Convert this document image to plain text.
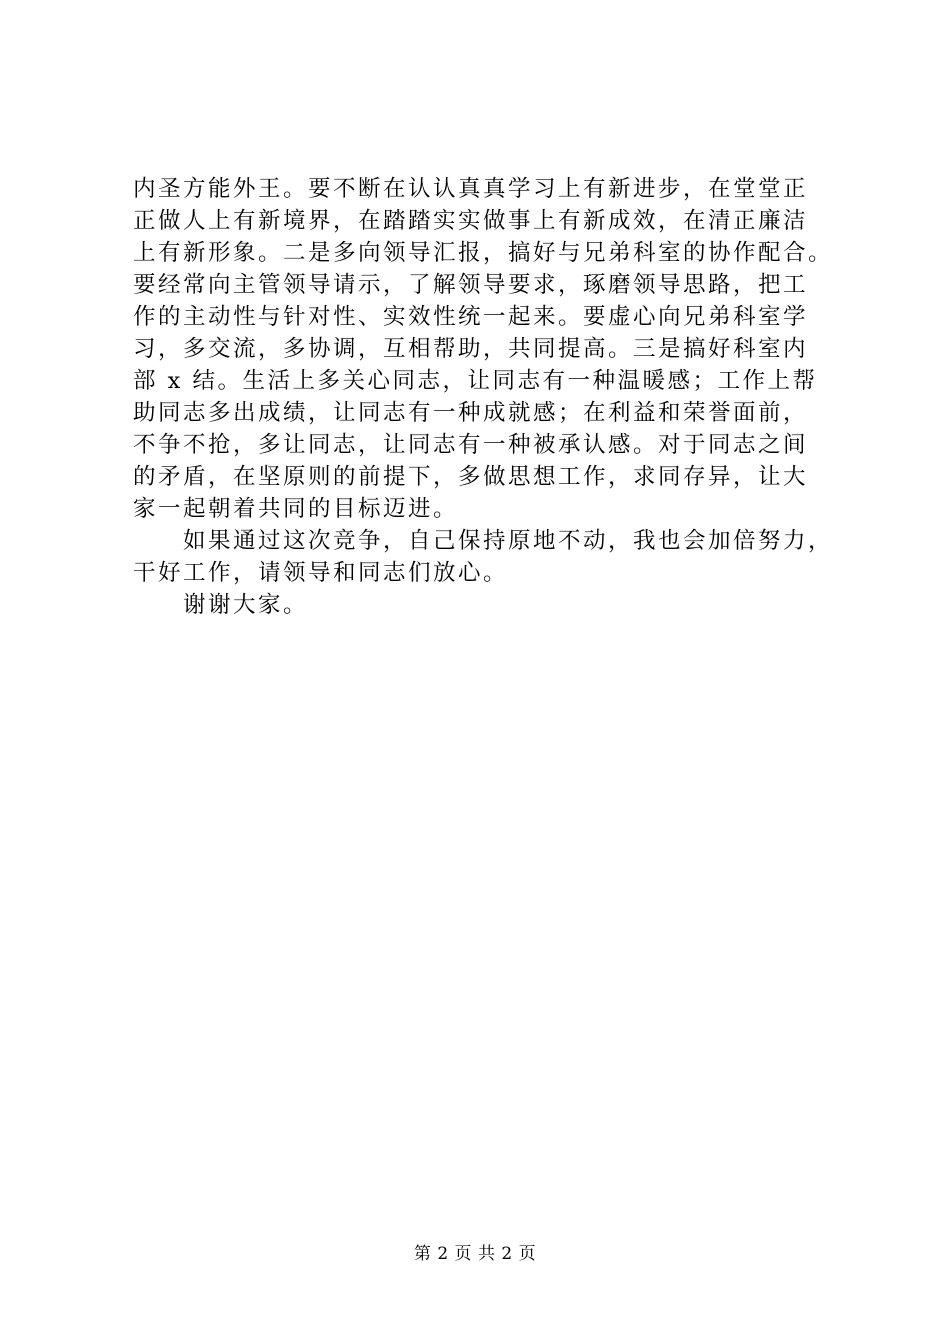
内圣方能外王。要不断在认认真真学习上有新进步，在堂堂正
正做人上有新境界，在踏踏实实做事上有新成效，在清正廉洁
上有新形象。二是多向领导汇报，搞好与兄弟科室的协作配合。
要经常向主管领导请示，了解领导要求，琢磨领导思路，把工
作的主动性与针对性、实效性统一起来。要虚心向兄弟科室学
习，多交流，多协调，互相帮助，共同提高。三是搞好科室内
部 x 结。生活上多关心同志，让同志有一种温暖感；工作上帮
助同志多出成绩，让同志有一种成就感；在利益和荣誉面前，
不争不抢，多让同志，让同志有一种被承认感。对于同志之间
的矛盾，在坚原则的前提下，多做思想工作，求同存异，让大
家一起朝着共同的目标迈进。
　　如果通过这次竞争，自己保持原地不动，我也会加倍努力，
干好工作，请领导和同志们放心。
　　谢谢大家。
第 2 页 共 2 页
